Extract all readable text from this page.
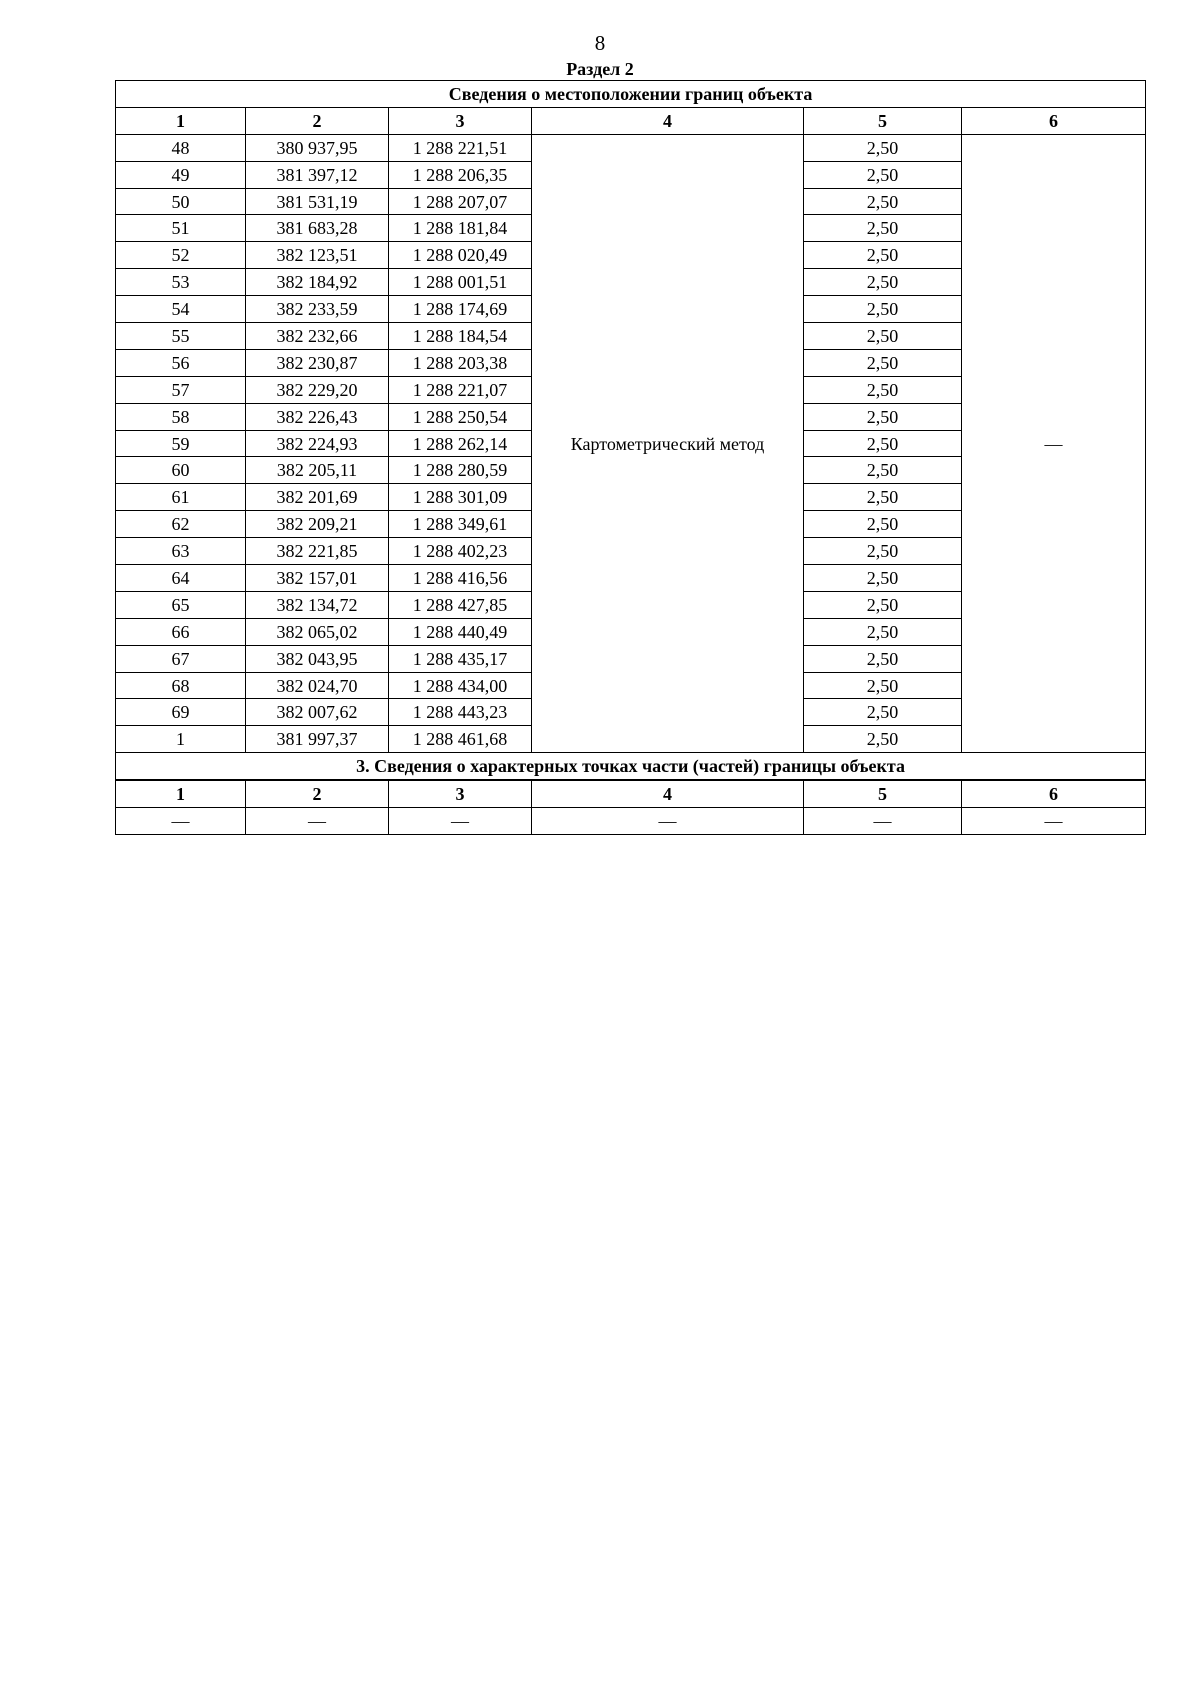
8
Раздел 2
Сведения о местоположении границ объекта					
1	2	3	4	5	6
48	380 937,95	1 288 221,51	Картометрический метод	2,50	—
49	381 397,12	1 288 206,35		2,50	
50	381 531,19	1 288 207,07		2,50	
51	381 683,28	1 288 181,84		2,50	
52	382 123,51	1 288 020,49		2,50	
53	382 184,92	1 288 001,51		2,50	
54	382 233,59	1 288 174,69		2,50	
55	382 232,66	1 288 184,54		2,50	
56	382 230,87	1 288 203,38		2,50	
57	382 229,20	1 288 221,07		2,50	
58	382 226,43	1 288 250,54		2,50	
59	382 224,93	1 288 262,14		2,50	
60	382 205,11	1 288 280,59		2,50	
61	382 201,69	1 288 301,09		2,50	
62	382 209,21	1 288 349,61		2,50	
63	382 221,85	1 288 402,23		2,50	
64	382 157,01	1 288 416,56		2,50	
65	382 134,72	1 288 427,85		2,50	
66	382 065,02	1 288 440,49		2,50	
67	382 043,95	1 288 435,17		2,50	
68	382 024,70	1 288 434,00		2,50	
69	382 007,62	1 288 443,23		2,50	
1	381 997,37	1 288 461,68		2,50	
3. Сведения о характерных точках части (частей) границы объекта					
1	2	3	4	5	6
—	—	—	—	—	—
